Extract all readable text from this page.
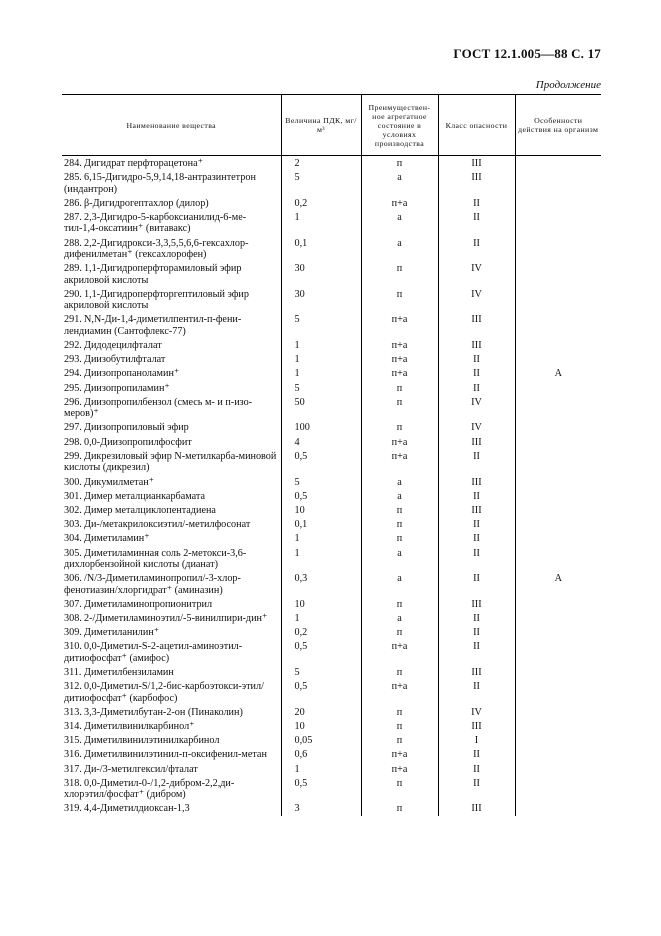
ГОСТ 12.1.005—88 С. 17
Продолжение
Наименование вещества	Величина ПДК, мг/м³	Преимуществен-ное агрегатное состояние в условиях производства	Класс опасности	Особенности действия на организм
284. Дигидрат перфторацетона⁺	2	п	III	
285. 6,15-Дигидро-5,9,14,18-антразинтетрон (индантрон)	5	а	III	
286. β-Дигидрогептахлор (дилор)	0,2	п+а	II	
287. 2,3-Дигидро-5-карбоксианилид-6-ме-тил-1,4-оксатиин⁺ (витавакс)	1	а	II	
288. 2,2-Дигидрокси-3,3,5,5,6,6-гексахлор-дифенилметан⁺ (гексахлорофен)	0,1	а	II	
289. 1,1-Дигидроперфторамиловый эфир акриловой кислоты	30	п	IV	
290. 1,1-Дигидроперфторгептиловый эфир акриловой кислоты	30	п	IV	
291. N,N-Ди-1,4-диметилпентил-п-фени-лендиамин (Сантофлекс-77)	5	п+а	III	
292. Дидодецилфталат	1	п+а	III	
293. Диизобутилфталат	1	п+а	II	
294. Диизопропаноламин⁺	1	п+а	II	А
295. Диизопропиламин⁺	5	п	II	
296. Диизопропилбензол (смесь м- и п-изо-меров)⁺	50	п	IV	
297. Диизопропиловый эфир	100	п	IV	
298. 0,0-Диизопропилфосфит	4	п+а	III	
299. Дикрезиловый эфир N-метилкарба-миновой кислоты (дикрезил)	0,5	п+а	II	
300. Дикумилметан⁺	5	а	III	
301. Димер металцианкарбамата	0,5	а	II	
302. Димер металциклопентадиена	10	п	III	
303. Ди-/метакрилоксиэтил/-метилфосонат	0,1	п	II	
304. Диметиламин⁺	1	п	II	
305. Диметиламинная соль 2-метокси-3,6-дихлорбензойной кислоты (дианат)	1	а	II	
306. /N/3-Диметиламинопропил/-3-хлор-фенотиазин/хлоргидрат⁺ (аминазин)	0,3	а	II	А
307. Диметиламинопропионитрил	10	п	III	
308. 2-/Диметиламиноэтил/-5-винилпири-дин⁺	1	а	II	
309. Диметиланилин⁺	0,2	п	II	
310. 0,0-Диметил-S-2-ацетил-аминоэтил-дитиофосфат⁺ (амифос)	0,5	п+а	II	
311. Диметилбензиламин	5	п	III	
312. 0,0-Диметил-S/1,2-бис-карбоэтокси-этил/дитиофосфат⁺ (карбофос)	0,5	п+а	II	
313. 3,3-Диметилбутан-2-он (Пинаколин)	20	п	IV	
314. Диметилвинилкарбинол⁺	10	п	III	
315. Диметилвинилэтинилкарбинол	0,05	п	I	
316. Диметилвинилэтинил-п-оксифенил-метан	0,6	п+а	II	
317. Ди-/3-метилгексил/фталат	1	п+а	II	
318. 0,0-Диметил-0-/1,2-дибром-2,2,ди-хлорэтил/фосфат⁺ (дибром)	0,5	п	II	
319. 4,4-Диметилдиоксан-1,3	3	п	III	
